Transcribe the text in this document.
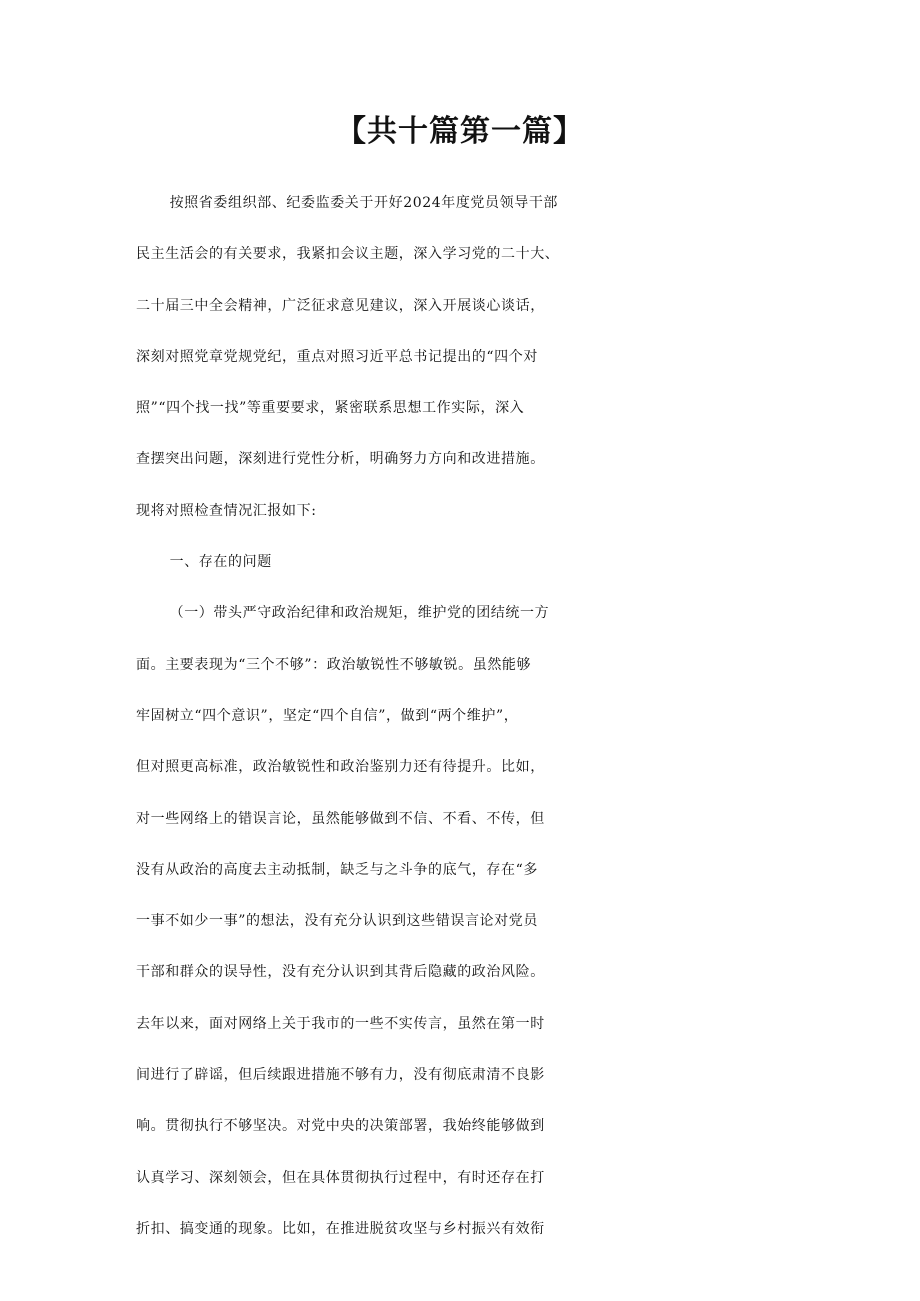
【共十篇第一篇】
按照省委组织部、纪委监委关于开好2024年度党员领导干部
民主生活会的有关要求，我紧扣会议主题，深入学习党的二十大、
二十届三中全会精神，广泛征求意见建议，深入开展谈心谈话，
深刻对照党章党规党纪，重点对照习近平总书记提出的“四个对
照”“四个找一找”等重要要求，紧密联系思想工作实际，深入
查摆突出问题，深刻进行党性分析，明确努力方向和改进措施。
现将对照检查情况汇报如下:
一、存在的问题
（一）带头严守政治纪律和政治规矩，维护党的团结统一方
面。主要表现为“三个不够”：政治敏锐性不够敏锐。虽然能够
牢固树立“四个意识”，坚定“四个自信”，做到“两个维护”，
但对照更高标准，政治敏锐性和政治鉴别力还有待提升。比如，
对一些网络上的错误言论，虽然能够做到不信、不看、不传，但
没有从政治的高度去主动抵制，缺乏与之斗争的底气，存在“多
一事不如少一事”的想法，没有充分认识到这些错误言论对党员
干部和群众的误导性，没有充分认识到其背后隐藏的政治风险。
去年以来，面对网络上关于我市的一些不实传言，虽然在第一时
间进行了辟谣，但后续跟进措施不够有力，没有彻底肃清不良影
响。贯彻执行不够坚决。对党中央的决策部署，我始终能够做到
认真学习、深刻领会，但在具体贯彻执行过程中，有时还存在打
折扣、搞变通的现象。比如，在推进脱贫攻坚与乡村振兴有效衔
